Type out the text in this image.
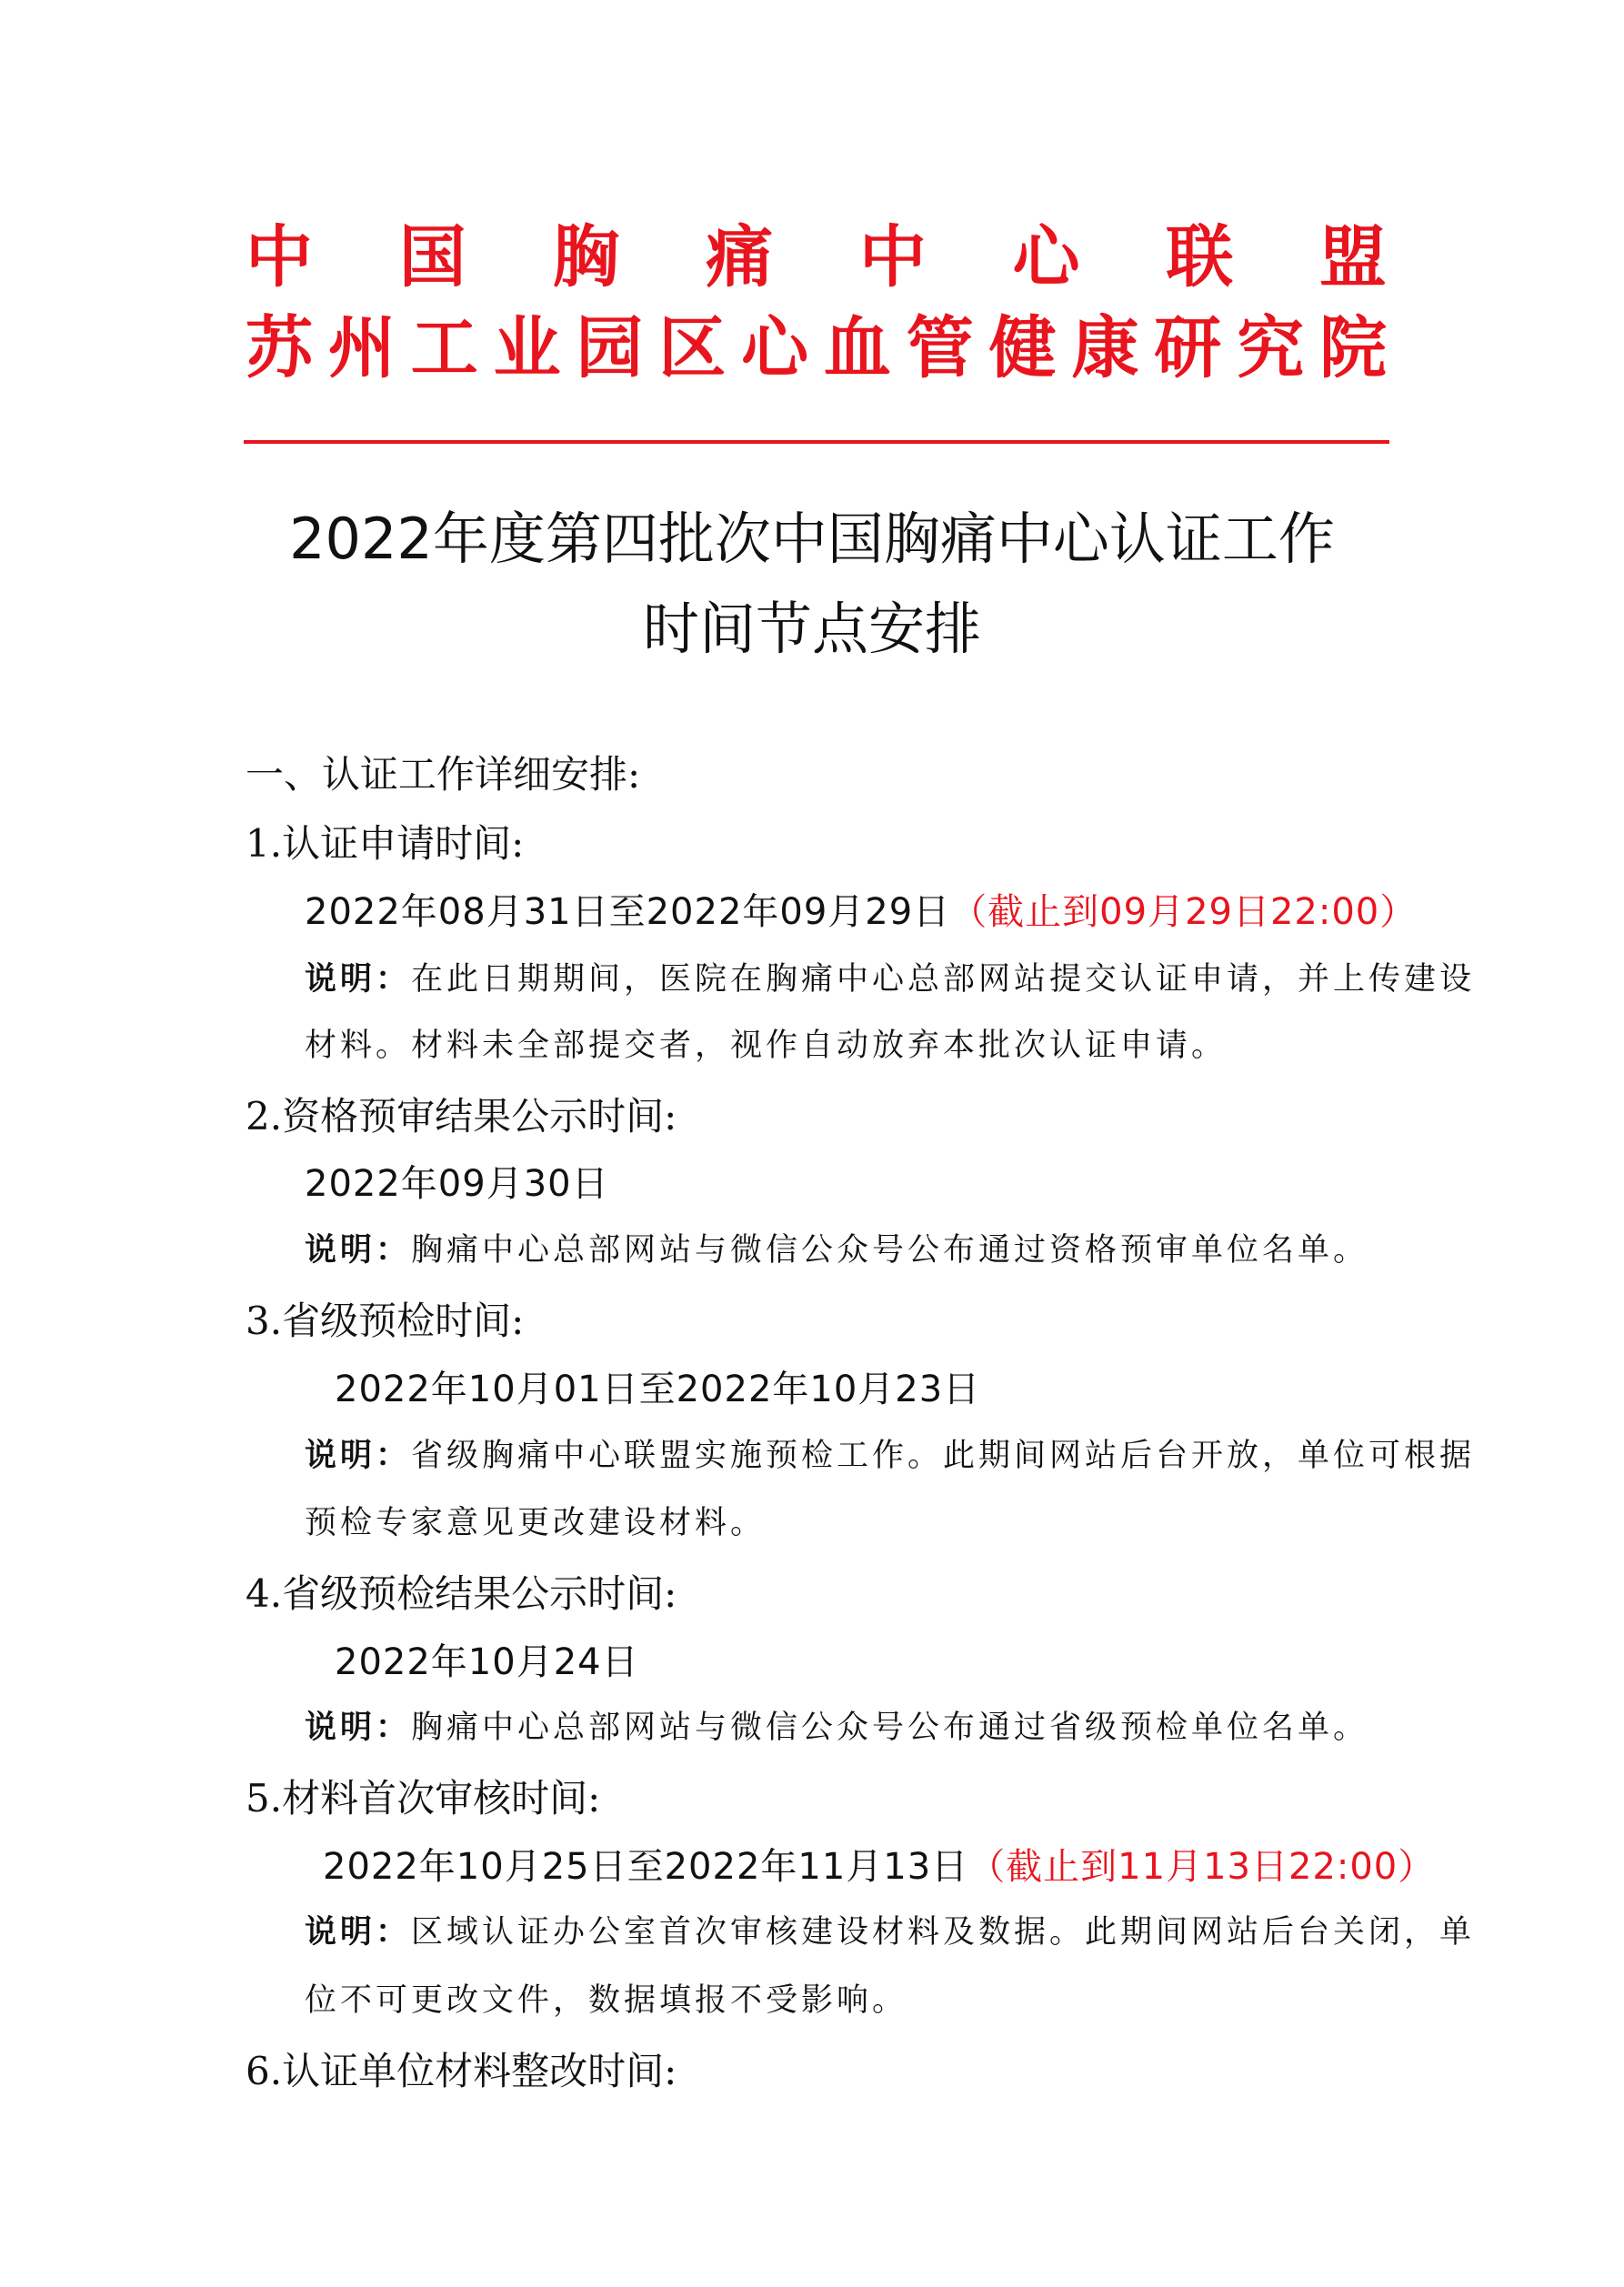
中 国 胸 痛 中 心 联 盟
苏 州 工 业 园 区 心 血 管 健 康 研 究 院
2022年度第四批次中国胸痛中心认证工作
时间节点安排
一、认证工作详细安排:
1.认证申请时间:
2022年08月31日至2022年09月29日（截止到09月29日22:00）
说明：在此日期期间，医院在胸痛中心总部网站提交认证申请，并上传建设
材料。材料未全部提交者，视作自动放弃本批次认证申请。
2.资格预审结果公示时间:
2022年09月30日
说明：胸痛中心总部网站与微信公众号公布通过资格预审单位名单。
3.省级预检时间:
2022年10月01日至2022年10月23日
说明：省级胸痛中心联盟实施预检工作。此期间网站后台开放，单位可根据
预检专家意见更改建设材料。
4.省级预检结果公示时间:
2022年10月24日
说明：胸痛中心总部网站与微信公众号公布通过省级预检单位名单。
5.材料首次审核时间:
2022年10月25日至2022年11月13日（截止到11月13日22:00）
说明：区域认证办公室首次审核建设材料及数据。此期间网站后台关闭，单
位不可更改文件，数据填报不受影响。
6.认证单位材料整改时间:
